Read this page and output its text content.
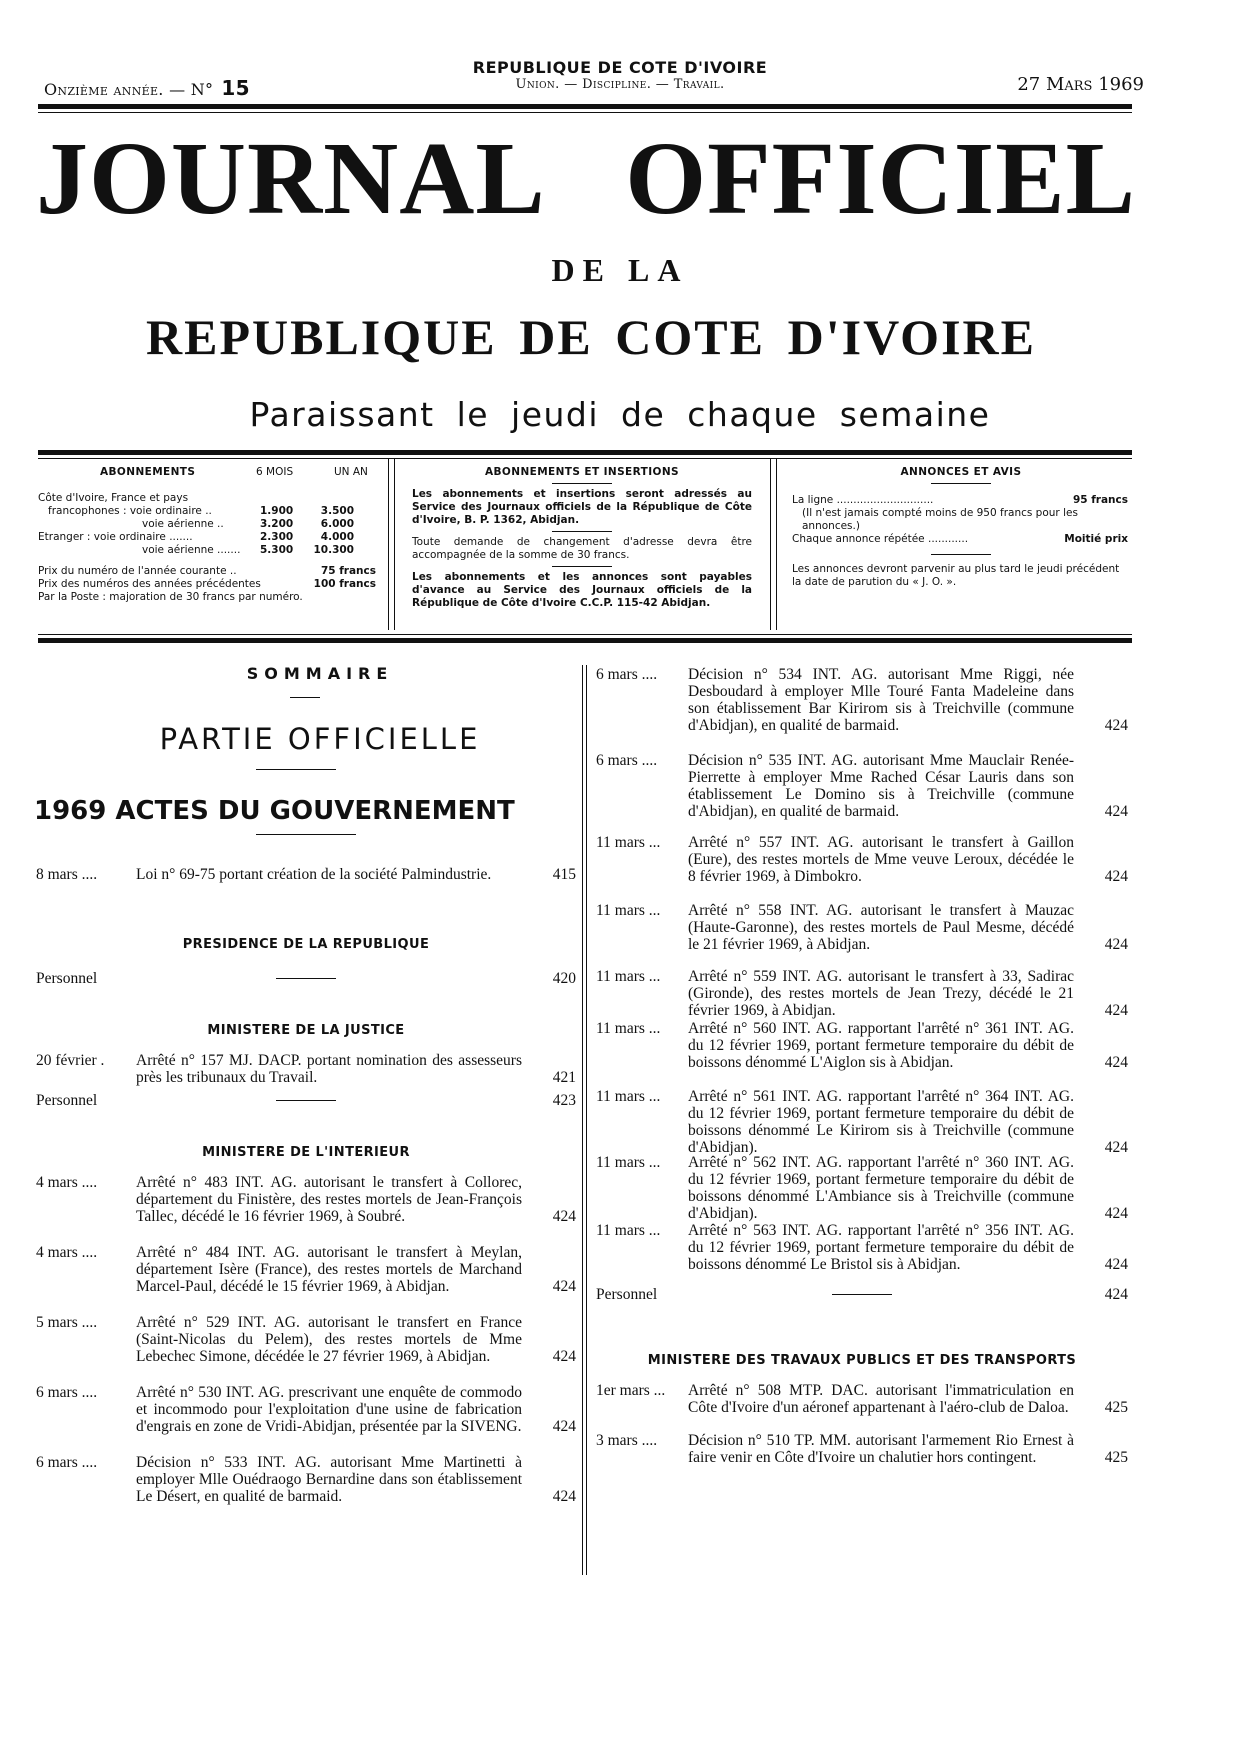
Onzième année. — N° 15
REPUBLIQUE DE COTE D'IVOIRE
Union. — Discipline. — Travail.	27 Mars 1969
JOURNAL OFFICIEL
DE LA
REPUBLIQUE DE COTE D'IVOIRE
Paraissant le jeudi de chaque semaine
ABONNEMENTS	6 MOIS	UN AN
Côte d'Ivoire, France et pays
francophones : voie ordinaire ..	1.900	3.500
voie aérienne ..	3.200	6.000
Etranger : voie ordinaire .......	2.300	4.000
voie aérienne ....... 5.300 10.300
Prix du numéro de l'année courante ..	75 francs
Prix des numéros des années précédentes	100 francs
Par la Poste : majoration de 30 francs par numéro.
ABONNEMENTS ET INSERTIONS
Les abonnements et insertions seront adressés au Service des Journaux officiels de la République de Côte d'Ivoire, B. P. 1362, Abidjan.
Toute demande de changement d'adresse devra être accompagnée de la somme de 30 francs.
Les abonnements et les annonces sont payables d'avance au Service des Journaux officiels de la République de Côte d'Ivoire C.C.P. 115-42 Abidjan.
ANNONCES ET AVIS
La ligne .............................	95 francs
(Il n'est jamais compté moins de 950 francs pour les annonces.)
Chaque annonce répétée ............	Moitié prix
Les annonces devront parvenir au plus tard le jeudi précédent la date de parution du « J. O. ».
SOMMAIRE
PARTIE OFFICIELLE
1969 ACTES DU GOUVERNEMENT
8 mars ....	Loi n° 69-75 portant création de la société Palmindustrie.	415
PRESIDENCE DE LA REPUBLIQUE
Personnel	420
MINISTERE DE LA JUSTICE
20 février . Arrêté n° 157 MJ. DACP. portant nomination des assesseurs près les tribunaux du Travail.	421
Personnel	423
MINISTERE DE L'INTERIEUR
4 mars ....	Arrêté n° 483 INT. AG. autorisant le transfert à Collorec, département du Finistère, des restes mortels de Jean-François Tallec, décédé le 16 février 1969, à Soubré.	424
4 mars ....	Arrêté n° 484 INT. AG. autorisant le transfert à Meylan, département Isère (France), des restes mortels de Marchand Marcel-Paul, décédé le 15 février 1969, à Abidjan.	424
5 mars ....	Arrêté n° 529 INT. AG. autorisant le transfert en France (Saint-Nicolas du Pelem), des restes mortels de Mme Lebechec Simone, décédée le 27 février 1969, à Abidjan.	424
6 mars ....	Arrêté n° 530 INT. AG. prescrivant une enquête de commodo et incommodo pour l'exploitation d'une usine de fabrication d'engrais en zone de Vridi-Abidjan, présentée par la SIVENG.	424
6 mars ....	Décision n° 533 INT. AG. autorisant Mme Martinetti à employer Mlle Ouédraogo Bernardine dans son établissement Le Désert, en qualité de barmaid.	424
6 mars .... Décision n° 534 INT. AG. autorisant Mme Riggi, née Desboudard à employer Mlle Touré Fanta Madeleine dans son établissement Bar Kirirom sis à Treichville (commune d'Abidjan), en qualité de barmaid.	424
6 mars .... Décision n° 535 INT. AG. autorisant Mme Mauclair Renée-Pierrette à employer Mme Rached César Lauris dans son établissement Le Domino sis à Treichville (commune d'Abidjan), en qualité de barmaid.	424
11 mars ... Arrêté n° 557 INT. AG. autorisant le transfert à Gaillon (Eure), des restes mortels de Mme veuve Leroux, décédée le 8 février 1969, à Dimbokro.	424
11 mars ... Arrêté n° 558 INT. AG. autorisant le transfert à Mauzac (Haute-Garonne), des restes mortels de Paul Mesme, décédé le 21 février 1969, à Abidjan.	424
11 mars ... Arrêté n° 559 INT. AG. autorisant le transfert à 33, Sadirac (Gironde), des restes mortels de Jean Trezy, décédé le 21 février 1969, à Abidjan.	424
11 mars ... Arrêté n° 560 INT. AG. rapportant l'arrêté n° 361 INT. AG. du 12 février 1969, portant fermeture temporaire du débit de boissons dénommé L'Aiglon sis à Abidjan.	424
11 mars ... Arrêté n° 561 INT. AG. rapportant l'arrêté n° 364 INT. AG. du 12 février 1969, portant fermeture temporaire du débit de boissons dénommé Le Kirirom sis à Treichville (commune d'Abidjan).	424
11 mars ... Arrêté n° 562 INT. AG. rapportant l'arrêté n° 360 INT. AG. du 12 février 1969, portant fermeture temporaire du débit de boissons dénommé L'Ambiance sis à Treichville (commune d'Abidjan).	424
11 mars ... Arrêté n° 563 INT. AG. rapportant l'arrêté n° 356 INT. AG. du 12 février 1969, portant fermeture temporaire du débit de boissons dénommé Le Bristol sis à Abidjan.	424
Personnel	424
MINISTERE DES TRAVAUX PUBLICS ET DES TRANSPORTS
1er mars ... Arrêté n° 508 MTP. DAC. autorisant l'immatriculation en Côte d'Ivoire d'un aéronef appartenant à l'aéro-club de Daloa.	425
3 mars .... Décision n° 510 TP. MM. autorisant l'armement Rio Ernest à faire venir en Côte d'Ivoire un chalutier hors contingent.	425
